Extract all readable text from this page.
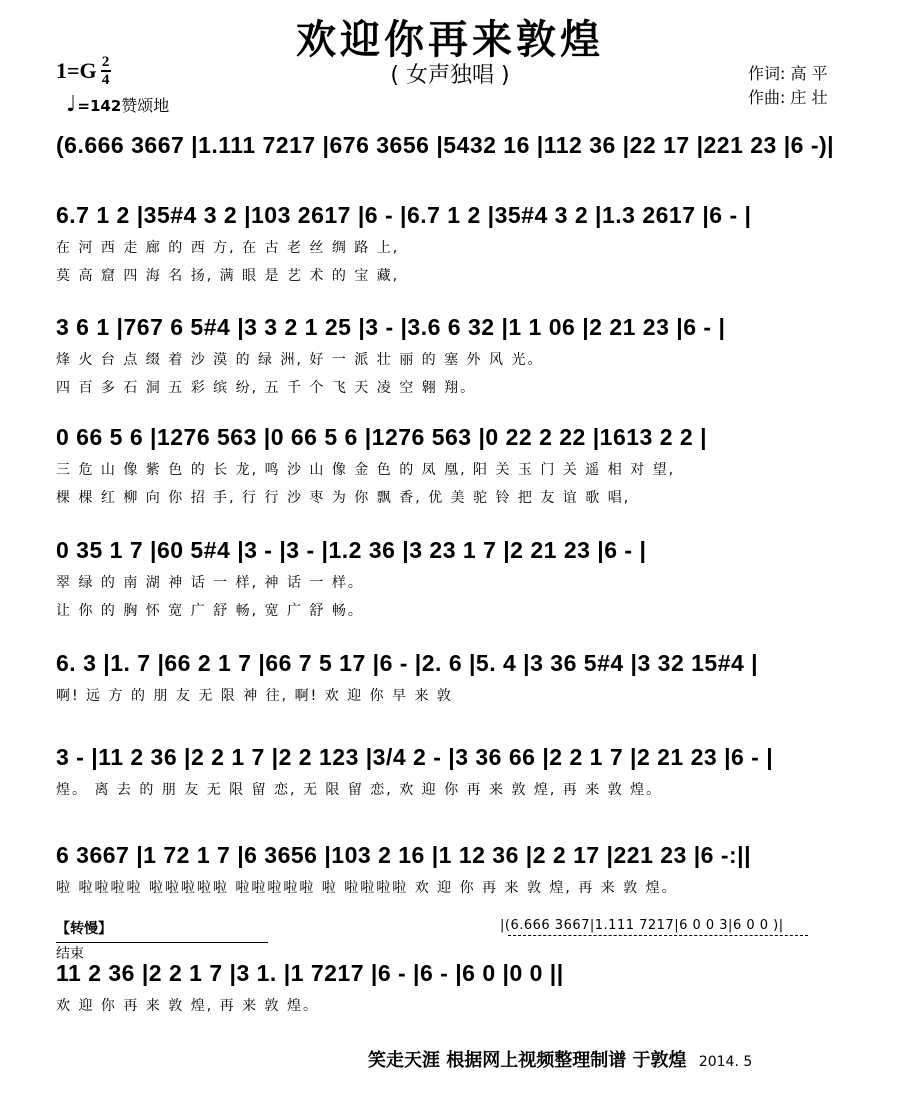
欢迎你再来敦煌
( 女声独唱 )
$1=G \frac{2}{4}$
♩ =142 赞颂地
作词: 高 平
作曲: 庄 壮
(6.666 3667 |1.111 7217 |676 3656 |5432 16 |112 36 |22 17 |221 23 |6 -)|
6.7 1 2 |35#4 3 2 |103 2617 |6 - |6.7 1 2 |35#4 3 2 |1.3 2617 |6 - |
在 河 西 走 廊 的 西 方, 在 古 老 丝 绸 路 上,
莫 高 窟 四 海 名 扬, 满 眼 是 艺 术 的 宝 藏,
3 6 1 |767 6 5#4 |3 3 2 1 25 |3 - |3.6 6 32 |1 1 06 |2 21 23 |6 - |
烽 火 台 点 缀 着 沙 漠 的 绿 洲, 好 一 派 壮 丽 的 塞 外 风 光。
四 百 多 石 洞 五 彩 缤 纷, 五 千 个 飞 天 凌 空 翱 翔。
0 66 5 6 |1276 563 |0 66 5 6 |1276 563 |0 22 2 22 |1613 2 2 |
三 危 山 像 紫 色 的 长 龙, 鸣 沙 山 像 金 色 的 凤 凰, 阳 关 玉 门 关 遥 相 对 望,
棵 棵 红 柳 向 你 招 手, 行 行 沙 枣 为 你 飘 香, 优 美 驼 铃 把 友 谊 歌 唱,
0 35 1 7 |60 5#4 |3 - |3 - |1.2 36 |3 23 1 7 |2 21 23 |6 - |
翠 绿 的 南 湖 神 话 一 样, 神 话 一 样。
让 你 的 胸 怀 宽 广 舒 畅, 宽 广 舒 畅。
6. 3 |1. 7 |66 2 1 7 |66 7 5 17 |6 - |2. 6 |5. 4 |3 36 5#4 |3 32 15#4 |
啊! 远 方 的 朋 友 无 限 神 往, 啊! 欢 迎 你 早 来 敦
3 - |11 2 36 |2 2 1 7 |2 2 123 |3/4 2 - |3 36 66 |2 2 1 7 |2 21 23 |6 - |
煌。 离 去 的 朋 友 无 限 留 恋, 无 限 留 恋, 欢 迎 你 再 来 敦 煌, 再 来 敦 煌。
6 3667 |1 72 1 7 |6 3656 |103 2 16 |1 12 36 |2 2 17 |221 23 |6 -:||
啦 啦啦啦啦 啦啦啦啦啦 啦啦啦啦啦 啦 啦啦啦啦 欢 迎 你 再 来 敦 煌, 再 来 敦 煌。
11 2 36 |2 2 1 7 |3 1. |1 7217 |6 - |6 - |6 0 |0 0 ||
欢 迎 你 再 来 敦 煌, 再 来 敦 煌。
【转慢】
结束
|(6.666 3667|1.111 7217|6 0 0 3|6 0 0 )|
笑走天涯 根据网上视频整理制谱 于敦煌 2014. 5
